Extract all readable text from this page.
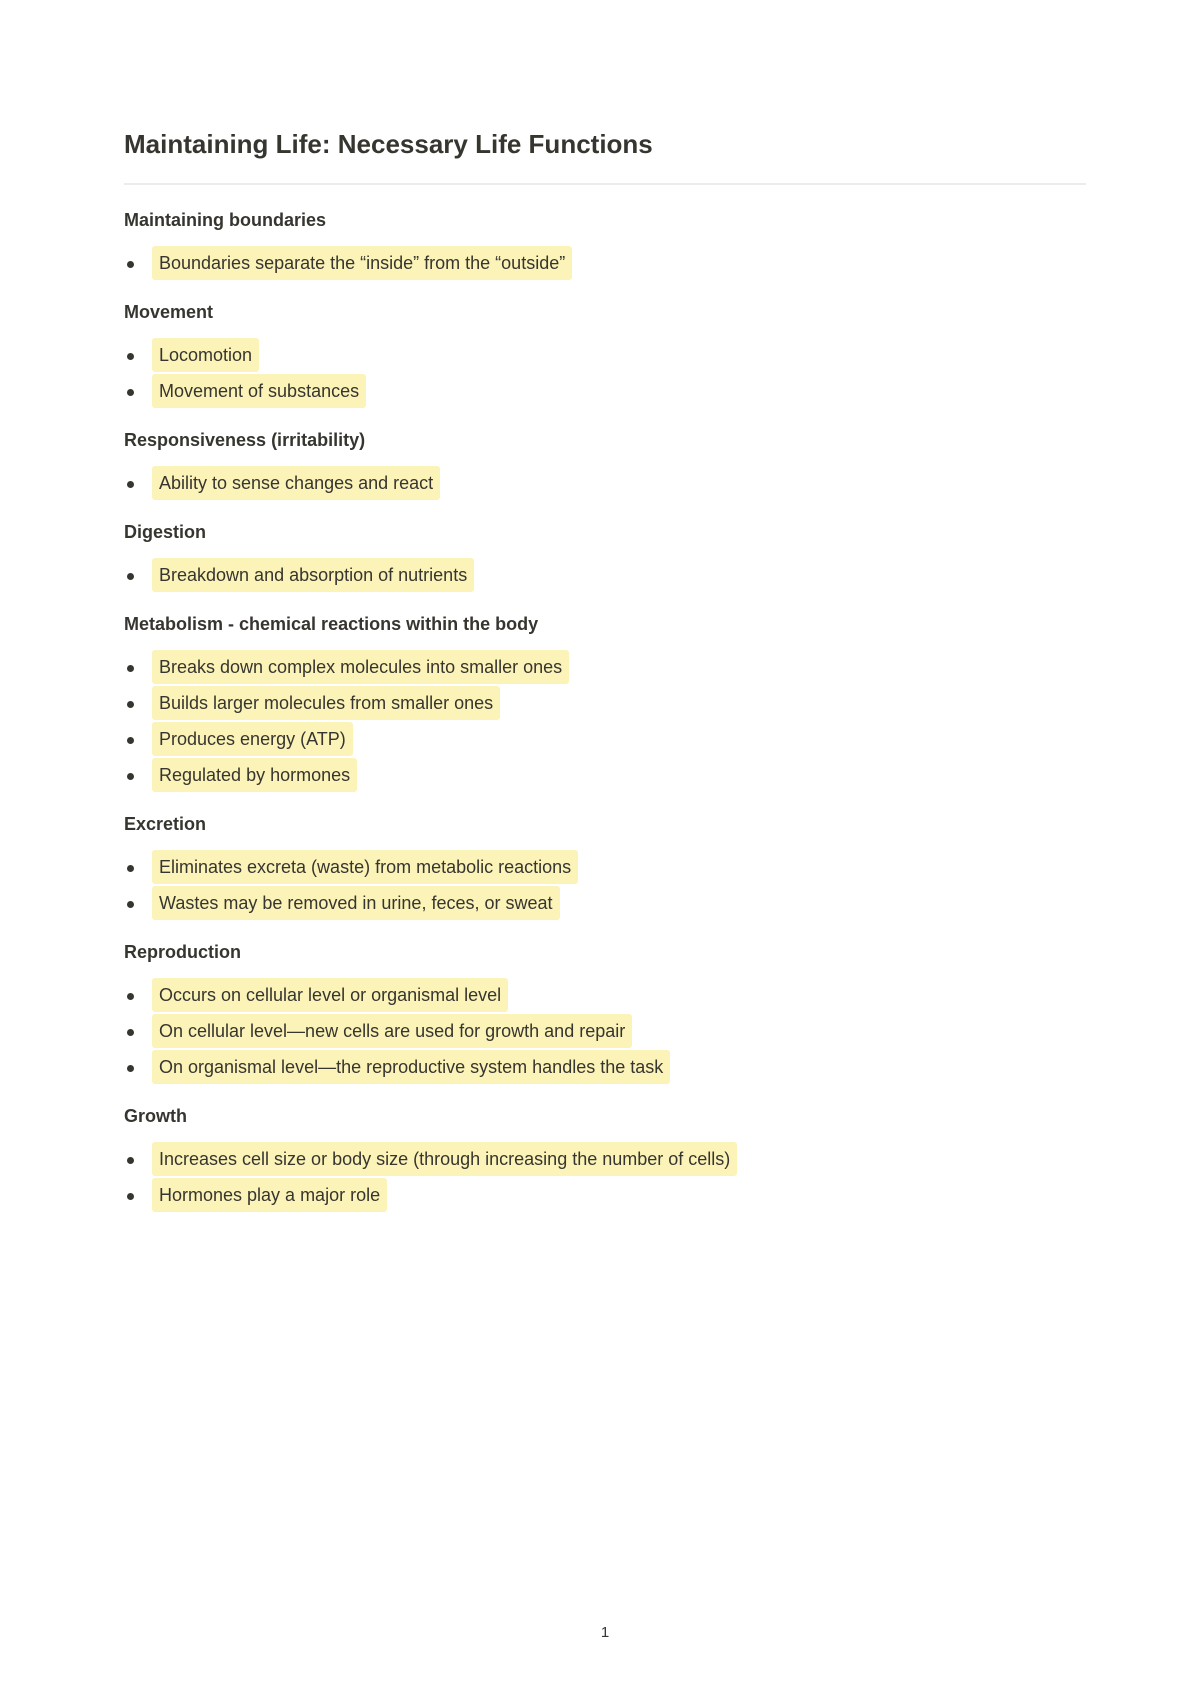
Maintaining Life: Necessary Life Functions
Maintaining boundaries
Boundaries separate the “inside” from the “outside”
Movement
Locomotion
Movement of substances
Responsiveness (irritability)
Ability to sense changes and react
Digestion
Breakdown and absorption of nutrients
Metabolism - chemical reactions within the body
Breaks down complex molecules into smaller ones
Builds larger molecules from smaller ones
Produces energy (ATP)
Regulated by hormones
Excretion
Eliminates excreta (waste) from metabolic reactions
Wastes may be removed in urine, feces, or sweat
Reproduction
Occurs on cellular level or organismal level
On cellular level—new cells are used for growth and repair
On organismal level—the reproductive system handles the task
Growth
Increases cell size or body size (through increasing the number of cells)
Hormones play a major role
1
